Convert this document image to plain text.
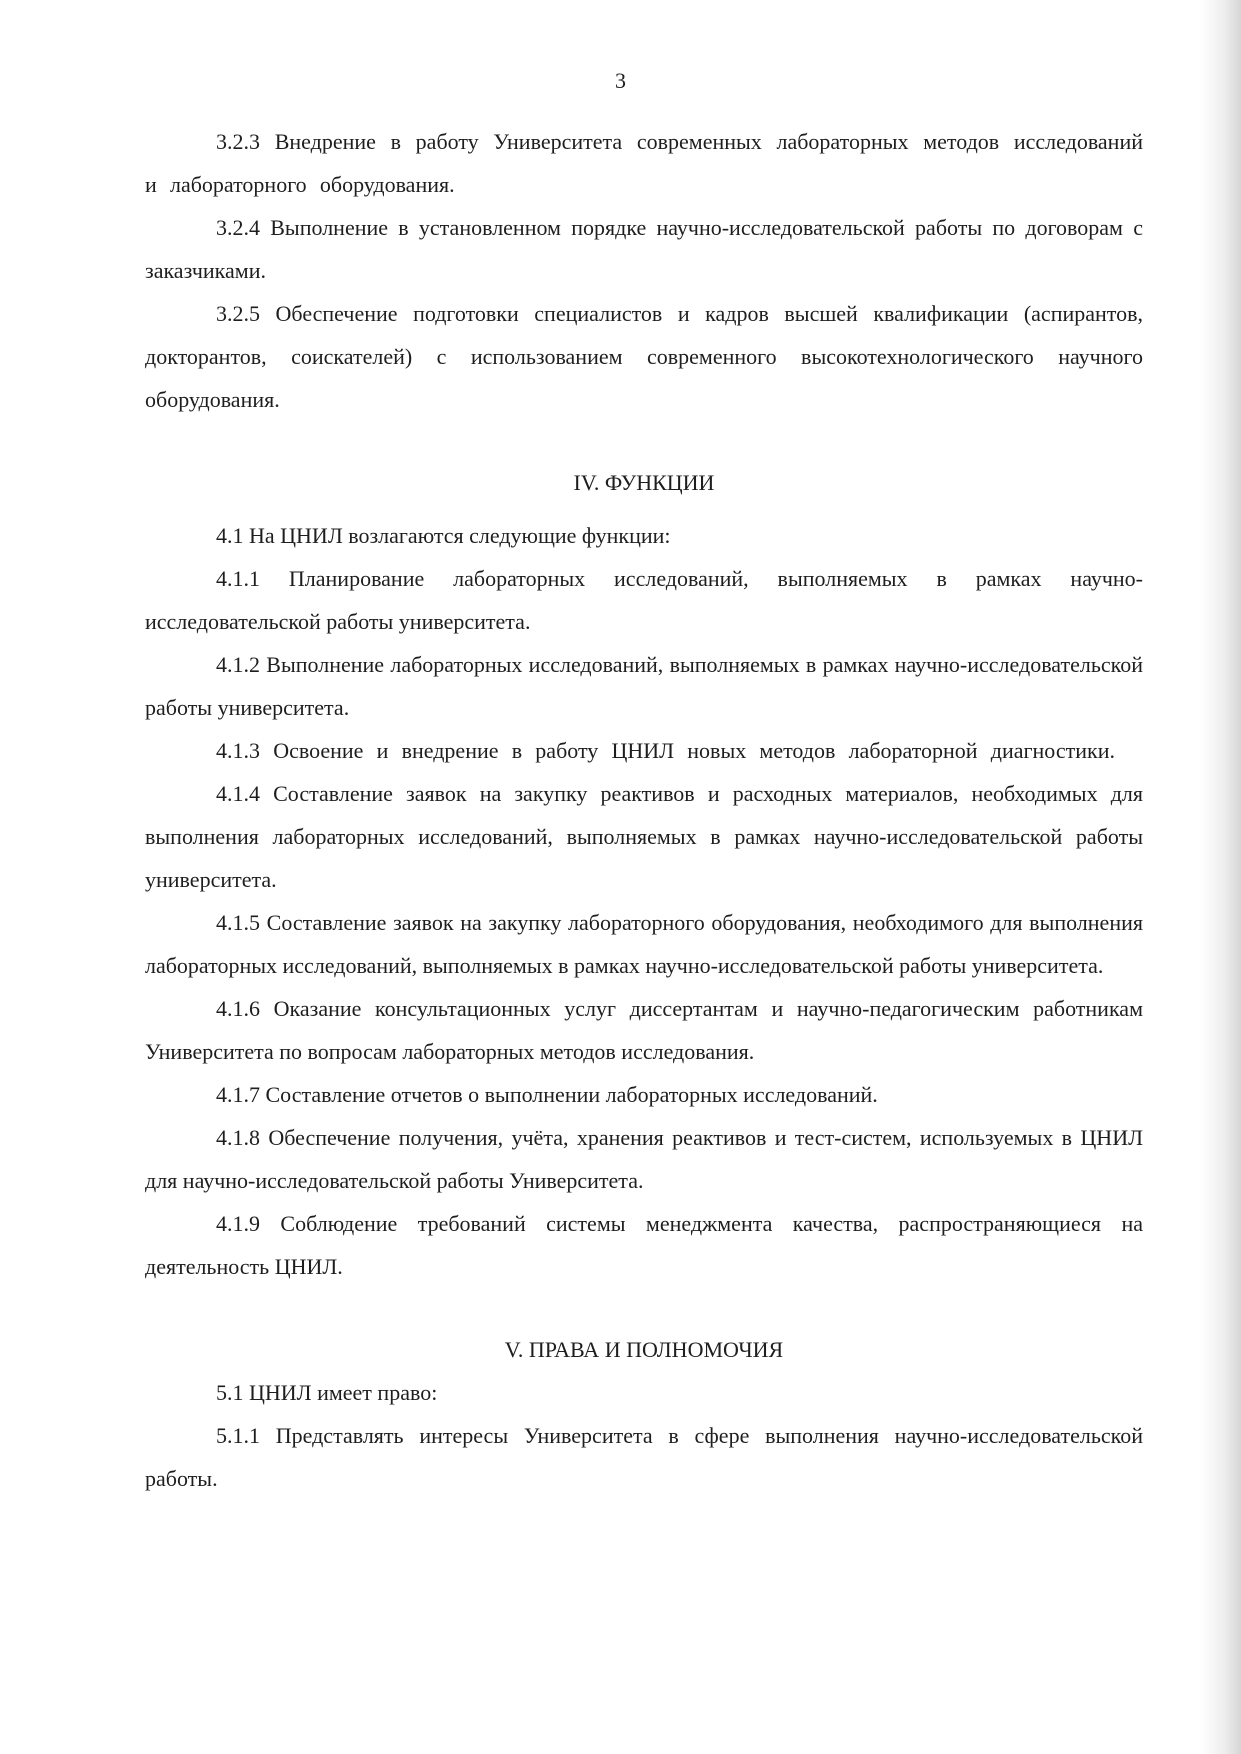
3

3.2.3 Внедрение в работу Университета современных лабораторных методов исследований и лабораторного оборудования.

3.2.4 Выполнение в установленном порядке научно-исследовательской работы по договорам с заказчиками.

3.2.5 Обеспечение подготовки специалистов и кадров высшей квалификации (аспирантов, докторантов, соискателей) с использованием современного высокотехнологического научного оборудования.

IV. ФУНКЦИИ

4.1 На ЦНИЛ возлагаются следующие функции:

4.1.1 Планирование лабораторных исследований, выполняемых в рамках научно-исследовательской работы университета.

4.1.2 Выполнение лабораторных исследований, выполняемых в рамках научно-исследовательской работы университета.

4.1.3 Освоение и внедрение в работу ЦНИЛ новых методов лабораторной диагностики.

4.1.4 Составление заявок на закупку реактивов и расходных материалов, необходимых для выполнения лабораторных исследований, выполняемых в рамках научно-исследовательской работы университета.

4.1.5 Составление заявок на закупку лабораторного оборудования, необходимого для выполнения лабораторных исследований, выполняемых в рамках научно-исследовательской работы университета.

4.1.6 Оказание консультационных услуг диссертантам и научно-педагогическим работникам Университета по вопросам лабораторных методов исследования.

4.1.7 Составление отчетов о выполнении лабораторных исследований.

4.1.8 Обеспечение получения, учёта, хранения реактивов и тест-систем, используемых в ЦНИЛ для научно-исследовательской работы Университета.

4.1.9 Соблюдение требований системы менеджмента качества, распространяющиеся на деятельность ЦНИЛ.

V. ПРАВА И ПОЛНОМОЧИЯ

5.1 ЦНИЛ имеет право:

5.1.1 Представлять интересы Университета в сфере выполнения научно-исследовательской работы.
